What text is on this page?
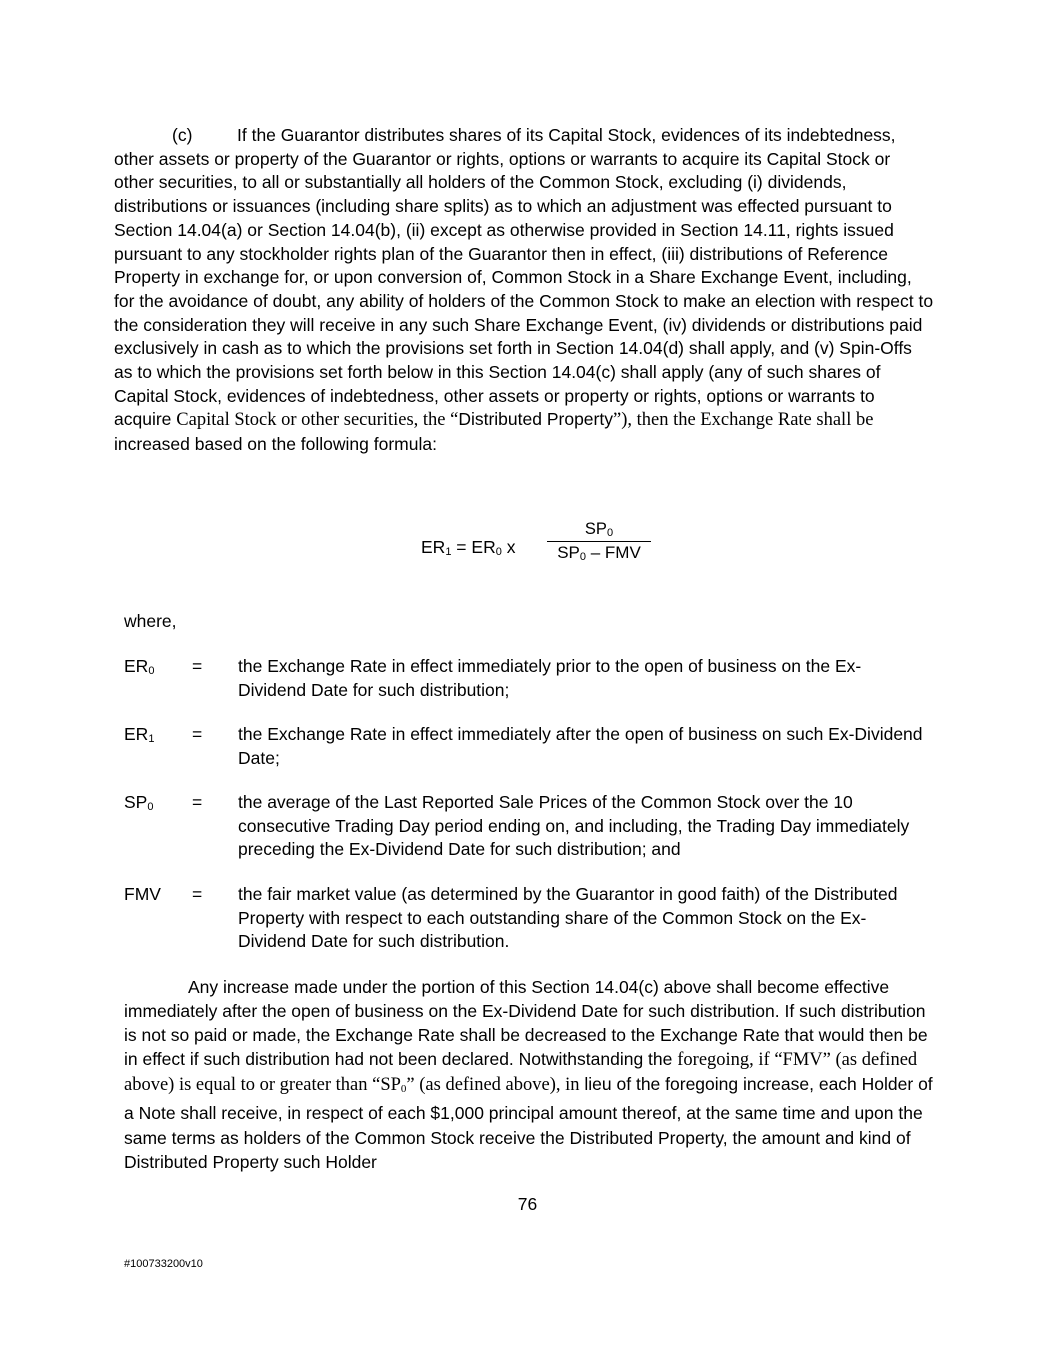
(c)	If the Guarantor distributes shares of its Capital Stock, evidences of its indebtedness, other assets or property of the Guarantor or rights, options or warrants to acquire its Capital Stock or other securities, to all or substantially all holders of the Common Stock, excluding (i) dividends, distributions or issuances (including share splits) as to which an adjustment was effected pursuant to Section 14.04(a) or Section 14.04(b), (ii) except as otherwise provided in Section 14.11, rights issued pursuant to any stockholder rights plan of the Guarantor then in effect, (iii) distributions of Reference Property in exchange for, or upon conversion of, Common Stock in a Share Exchange Event, including, for the avoidance of doubt, any ability of holders of the Common Stock to make an election with respect to the consideration they will receive in any such Share Exchange Event, (iv) dividends or distributions paid exclusively in cash as to which the provisions set forth in Section 14.04(d) shall apply, and (v) Spin-Offs as to which the provisions set forth below in this Section 14.04(c) shall apply (any of such shares of Capital Stock, evidences of indebtedness, other assets or property or rights, options or warrants to acquire Capital Stock or other securities, the “Distributed Property”), then the Exchange Rate shall be increased based on the following formula:

$ER_1 = ER_0$ x
$SP_0$
$SP_0$ – FMV

where,

$ER_0$	= the Exchange Rate in effect immediately prior to the open of business on the Ex-Dividend Date for such distribution;
$ER_1$	= the Exchange Rate in effect immediately after the open of business on such Ex-Dividend Date;
$SP_0$	= the average of the Last Reported Sale Prices of the Common Stock over the 10 consecutive Trading Day period ending on, and including, the Trading Day immediately preceding the Ex-Dividend Date for such distribution; and
FMV	= the fair market value (as determined by the Guarantor in good faith) of the Distributed Property with respect to each outstanding share of the Common Stock on the Ex-Dividend Date for such distribution.

Any increase made under the portion of this Section 14.04(c) above shall become effective immediately after the open of business on the Ex-Dividend Date for such distribution. If such distribution is not so paid or made, the Exchange Rate shall be decreased to the Exchange Rate that would then be in effect if such distribution had not been declared. Notwithstanding the foregoing, if “FMV” (as defined above) is equal to or greater than “$SP_0$” (as defined above), in lieu of the foregoing increase, each Holder of a Note shall receive, in respect of each $1,000 principal amount thereof, at the same time and upon the same terms as holders of the Common Stock receive the Distributed Property, the amount and kind of Distributed Property such Holder

76
#100733200v10
